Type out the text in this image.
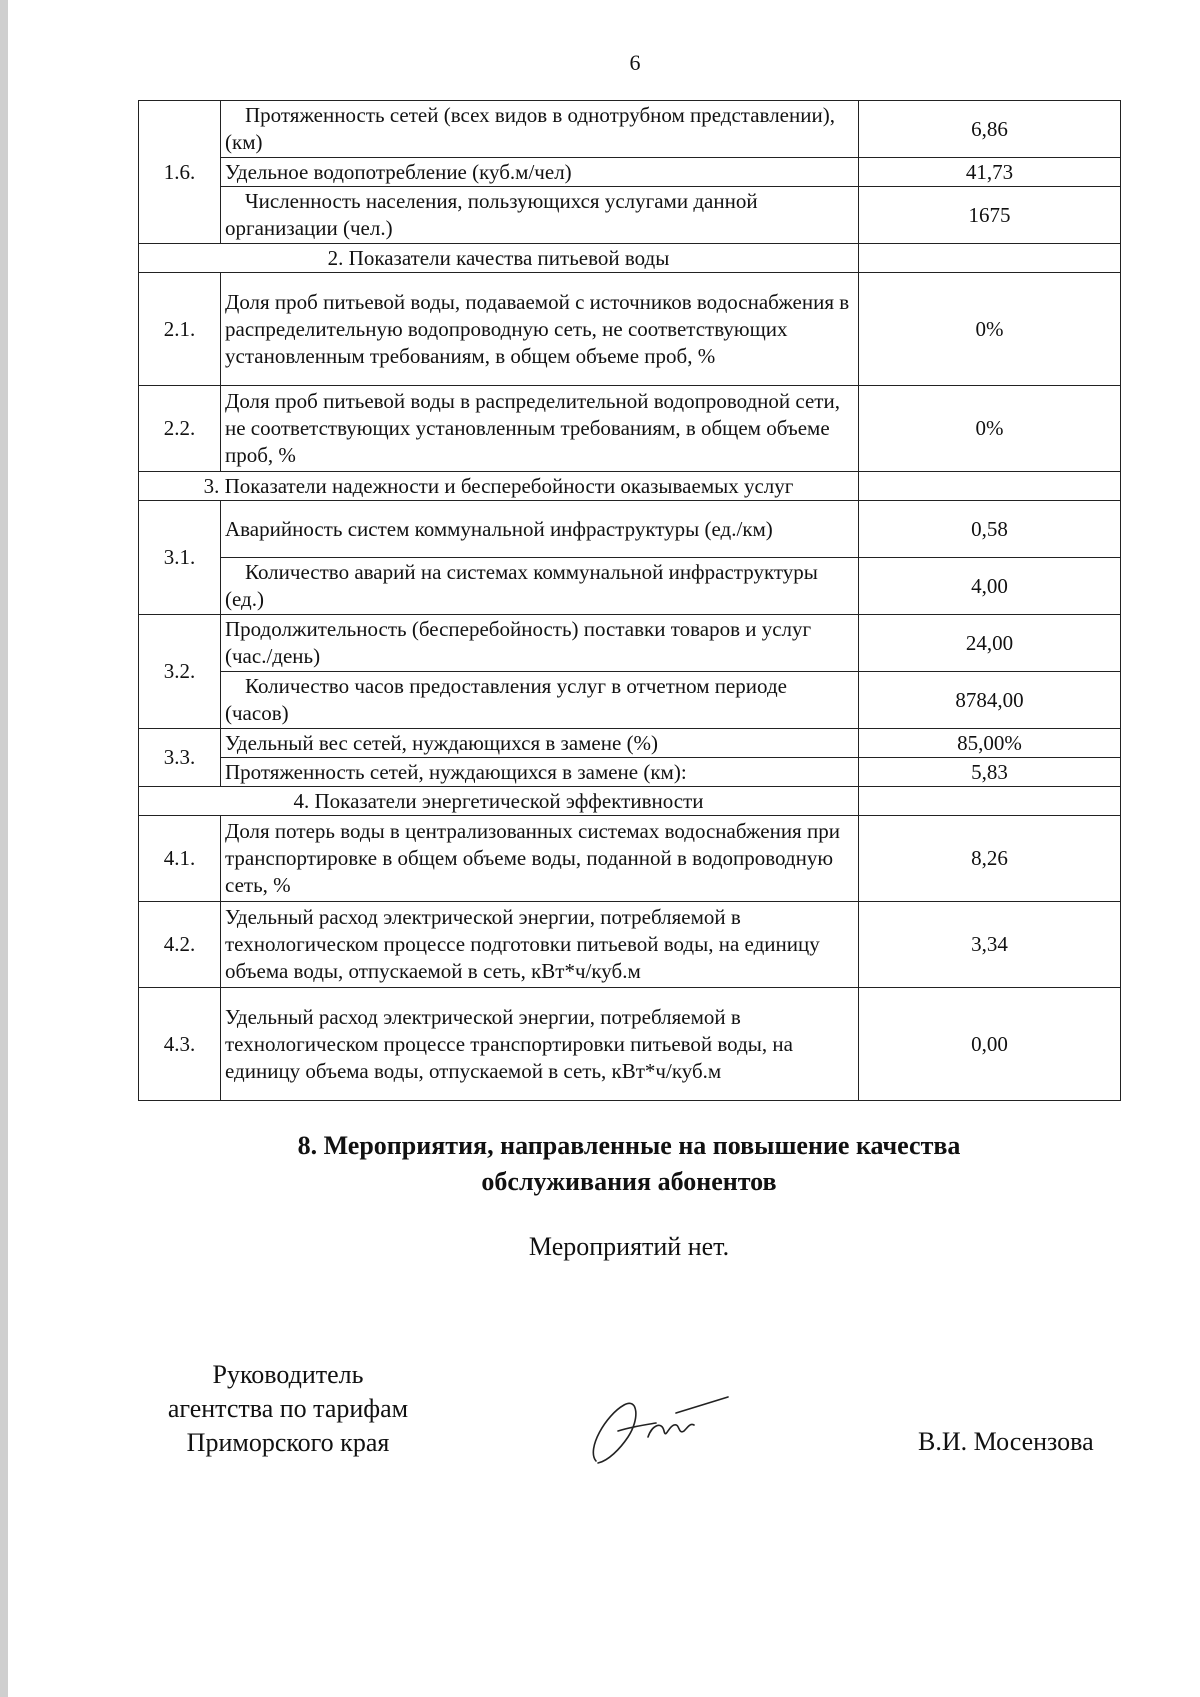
6
1.6.	Протяженность сетей (всех видов в однотрубном представлении), (км)	6,86
	Удельное водопотребление (куб.м/чел)	41,73
	Численность населения, пользующихся услугами данной организации (чел.)	1675
2. Показатели качества питьевой воды		
2.1.	Доля проб питьевой воды, подаваемой с источников водоснабжения в распределительную водопроводную сеть, не соответствующих установленным требованиям, в общем объеме проб, %	0%
2.2.	Доля проб питьевой воды в распределительной водопроводной сети, не соответствующих установленным требованиям, в общем объеме проб, %	0%
3. Показатели надежности и бесперебойности оказываемых услуг		
3.1.	Аварийность систем коммунальной инфраструктуры (ед./км)	0,58
	Количество аварий на системах коммунальной инфраструктуры (ед.)	4,00
3.2.	Продолжительность (бесперебойность) поставки товаров и услуг (час./день)	24,00
	Количество часов предоставления услуг в отчетном периоде (часов)	8784,00
3.3.	Удельный вес сетей, нуждающихся в замене (%)	85,00%
	Протяженность сетей, нуждающихся в замене (км):	5,83
4. Показатели энергетической эффективности		
4.1.	Доля потерь воды в централизованных системах водоснабжения при транспортировке в общем объеме воды, поданной в водопроводную сеть, %	8,26
4.2.	Удельный расход электрической энергии, потребляемой в технологическом процессе подготовки питьевой воды, на единицу объема воды, отпускаемой в сеть, кВт*ч/куб.м	3,34
4.3.	Удельный расход электрической энергии, потребляемой в технологическом процессе транспортировки питьевой воды, на единицу объема воды, отпускаемой в сеть, кВт*ч/куб.м	0,00
8. Мероприятия, направленные на повышение качества
обслуживания абонентов
Мероприятий нет.
Руководитель
агентства по тарифам
Приморского края	В.И. Мосензова
